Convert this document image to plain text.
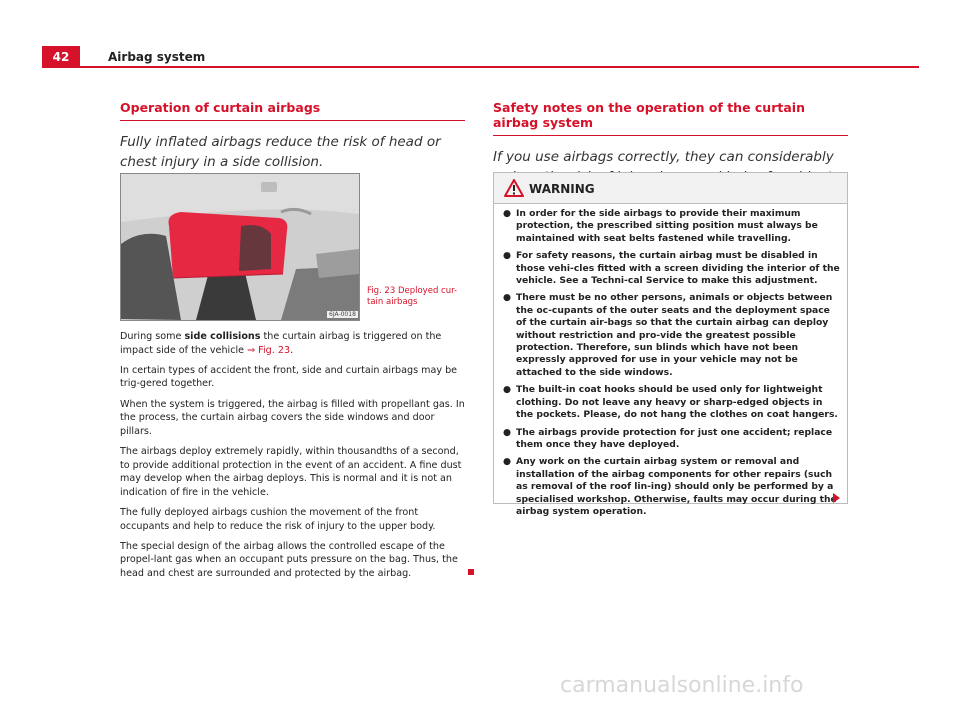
42	Airbag system
Operation of curtain airbags

Fully inflated airbags reduce the risk of head or chest injury in a side collision.

6JA-0018
Fig. 23 Deployed cur-tain airbags

During some side collisions the curtain airbag is triggered on the impact side of the vehicle ⇒ Fig. 23.

In certain types of accident the front, side and curtain airbags may be trig-gered together.

When the system is triggered, the airbag is filled with propellant gas. In the process, the curtain airbag covers the side windows and door pillars.

The airbags deploy extremely rapidly, within thousandths of a second, to provide additional protection in the event of an accident. A fine dust may develop when the airbag deploys. This is normal and it is not an indication of fire in the vehicle.

The fully deployed airbags cushion the movement of the front occupants and help to reduce the risk of injury to the upper body.

The special design of the airbag allows the controlled escape of the propel-lant gas when an occupant puts pressure on the bag. Thus, the head and chest are surrounded and protected by the airbag.

Safety notes on the operation of the curtain airbag system

If you use airbags correctly, they can considerably

WARNING
● In order for the side airbags to provide their maximum protection, the prescribed sitting position must always be maintained with seat belts fastened while travelling.
● For safety reasons, the curtain airbag must be disabled in those vehi-cles fitted with a screen dividing the interior of the vehicle. See a Techni-cal Service to make this adjustment.
● There must be no other persons, animals or objects between the oc-cupants of the outer seats and the deployment space of the curtain air-bags so that the curtain airbag can deploy without restriction and pro-vide the greatest possible protection. Therefore, sun blinds which have not been expressly approved for use in your vehicle may not be attached to the side windows.
● The built-in coat hooks should be used only for lightweight clothing. Do not leave any heavy or sharp-edged objects in the pockets. Please, do not hang the clothes on coat hangers.
● The airbags provide protection for just one accident; replace them once they have deployed.
● Any work on the curtain airbag system or removal and installation of the airbag components for other repairs (such as removal of the roof lin-ing) should only be performed by a specialised workshop. Otherwise, faults may occur during the airbag system operation.
carmanualsonline.info
